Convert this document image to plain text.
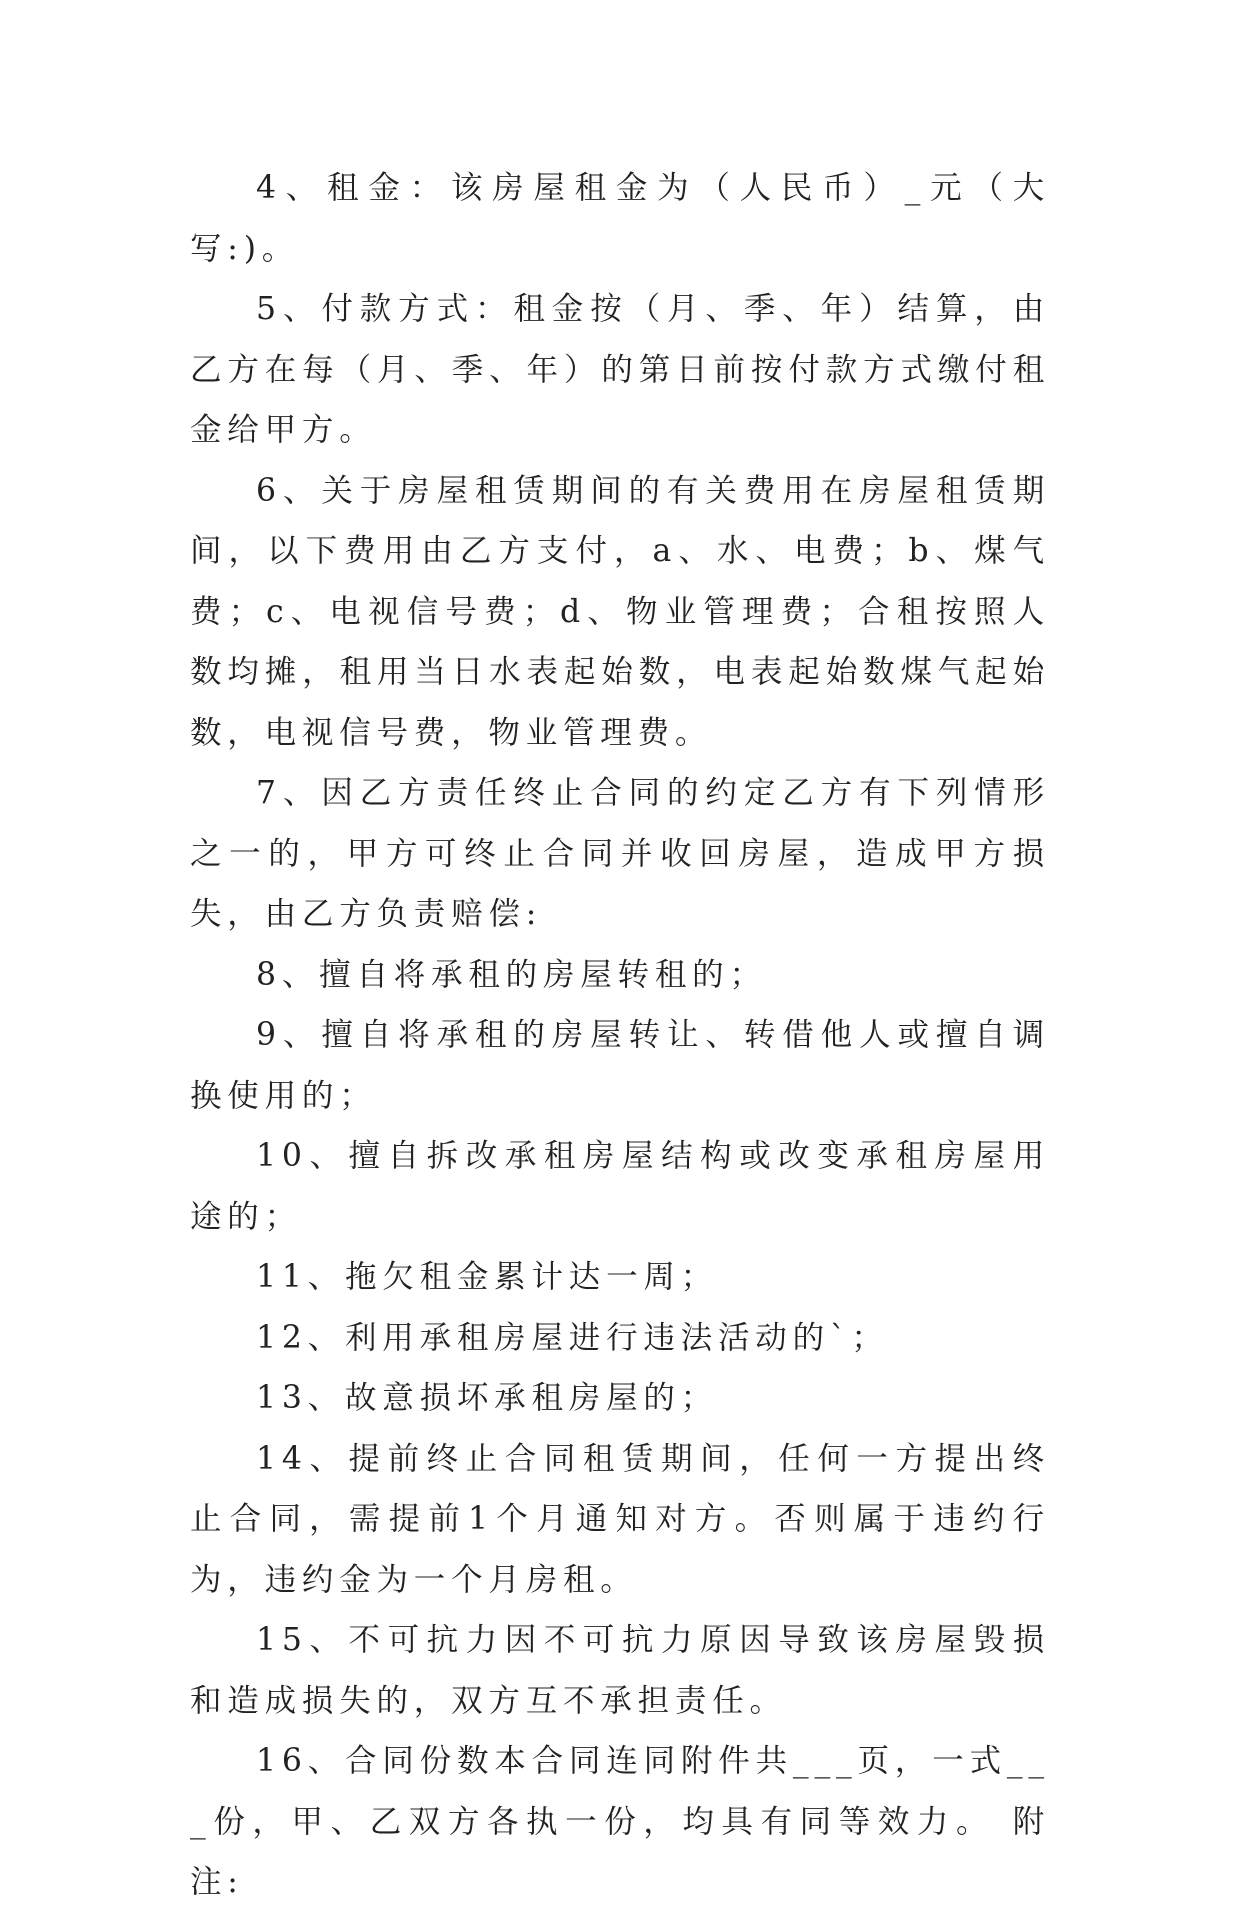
4、租金：该房屋租金为（人民币）_元（大写:)。

5、付款方式：租金按（月、季、年）结算，由乙方在每（月、季、年）的第日前按付款方式缴付租金给甲方。

6、关于房屋租赁期间的有关费用在房屋租赁期间，以下费用由乙方支付，a、水、电费；b、煤气费；c、电视信号费；d、物业管理费；合租按照人数均摊，租用当日水表起始数，电表起始数煤气起始数，电视信号费，物业管理费。

7、因乙方责任终止合同的约定乙方有下列情形之一的，甲方可终止合同并收回房屋，造成甲方损失，由乙方负责赔偿:

8、擅自将承租的房屋转租的；

9、擅自将承租的房屋转让、转借他人或擅自调换使用的；

10、擅自拆改承租房屋结构或改变承租房屋用途的；

11、拖欠租金累计达一周；

12、利用承租房屋进行违法活动的`；

13、故意损坏承租房屋的；

14、提前终止合同租赁期间，任何一方提出终止合同，需提前1个月通知对方。否则属于违约行为，违约金为一个月房租。

15、不可抗力因不可抗力原因导致该房屋毁损和造成损失的，双方互不承担责任。

16、合同份数本合同连同附件共___页，一式___份，甲、乙双方各执一份，均具有同等效力。 附注:
